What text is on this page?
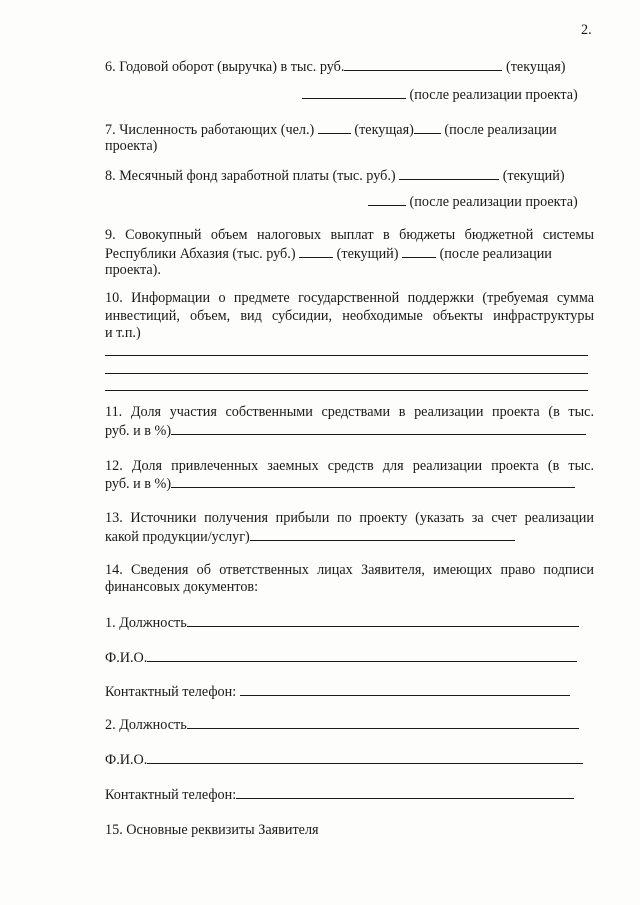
2.
6. Годовой оборот (выручка) в тыс. руб.	(текущая)
(после реализации проекта)
7. Численность работающих (чел.)	(текущая) (после реализации
проекта)
8. Месячный фонд заработной платы (тыс. руб.)	(текущий)
(после реализации проекта)
9. Совокупный объем налоговых выплат в бюджеты бюджетной системы
Республики Абхазия (тыс. руб.)	(текущий)	(после реализации
проекта).
10. Информации о предмете государственной поддержки (требуемая сумма
инвестиций, объем, вид субсидии, необходимые объекты инфраструктуры
и т.п.)
11. Доля участия собственными средствами в реализации проекта (в тыс.
руб. и в %)
12. Доля привлеченных заемных средств для реализации проекта (в тыс.
руб. и в %)
13. Источники получения прибыли по проекту (указать за счет реализации
какой продукции/услуг)
14. Сведения об ответственных лицах Заявителя, имеющих право подписи
финансовых документов:
1. Должность
Ф.И.О.
Контактный телефон:
2. Должность
Ф.И.О.
Контактный телефон:
15. Основные реквизиты Заявителя
